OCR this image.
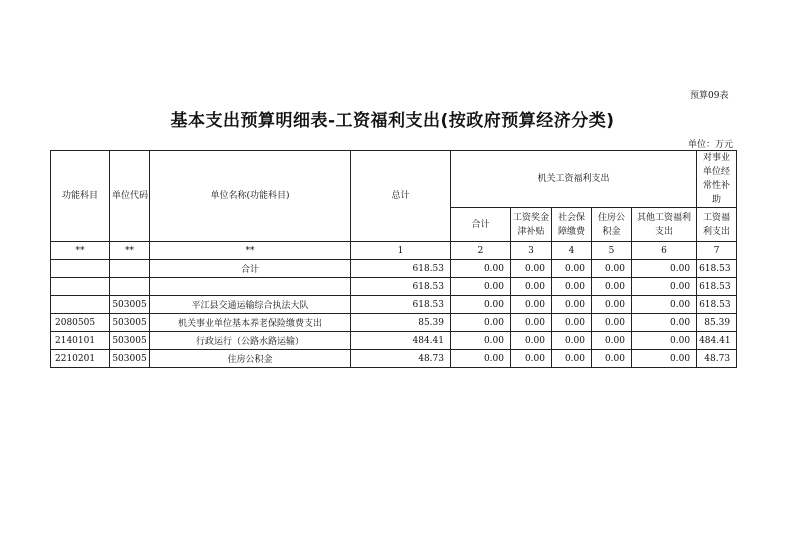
预算09表
基本支出预算明细表-工资福利支出(按政府预算经济分类)
单位：万元
功能科目	单位代码	单位名称(功能科目)	总计	机关工资福利支出					对事业单位经常性补助
				合计	工资奖金津补贴	社会保障缴费	住房公积金	其他工资福利支出	工资福利支出
**	**	**	1	2	3	4	5	6	7
		合计	618.53	0.00	0.00	0.00	0.00	0.00	618.53
			618.53	0.00	0.00	0.00	0.00	0.00	618.53
	503005	平江县交通运输综合执法大队	618.53	0.00	0.00	0.00	0.00	0.00	618.53
2080505	503005	机关事业单位基本养老保险缴费支出	85.39	0.00	0.00	0.00	0.00	0.00	85.39
2140101	503005	行政运行（公路水路运输）	484.41	0.00	0.00	0.00	0.00	0.00	484.41
2210201	503005	住房公积金	48.73	0.00	0.00	0.00	0.00	0.00	48.73
